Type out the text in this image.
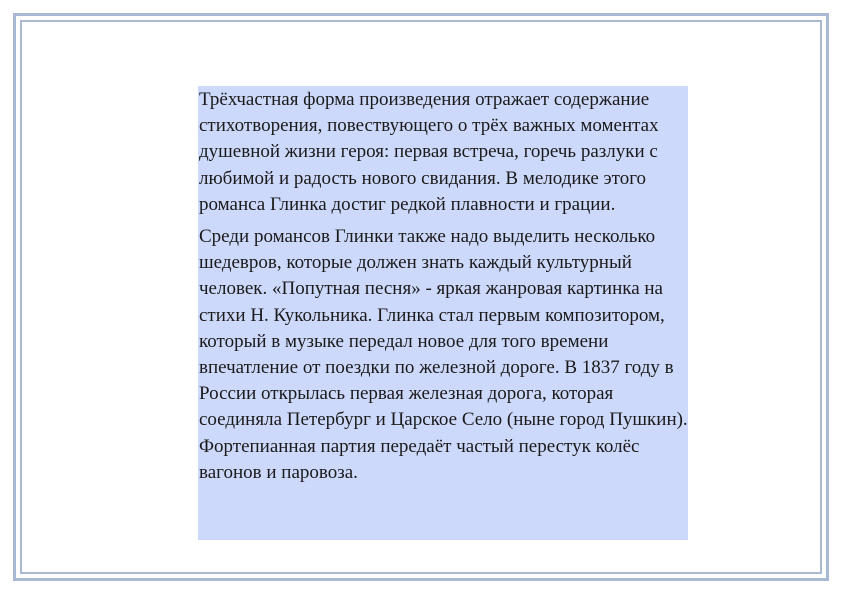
Трёхчастная форма произведения отражает содержание стихотворения, повествующего о трёх важных моментах душевной жизни героя: первая встреча, горечь разлуки с любимой и радость нового свидания. В мелодике этого романса Глинка достиг редкой плавности и грации.

Среди романсов Глинки также надо выделить несколько шедевров, которые должен знать каждый культурный человек. «Попутная песня» - яркая жанровая картинка на стихи Н. Кукольника. Глинка стал первым композитором, который в музыке передал новое для того времени впечатление от поездки по железной дороге. В 1837 году в России открылась первая железная дорога, которая соединяла Петербург и Царское Село (ныне город Пушкин). Фортепианная партия передаёт частый перестук колёс вагонов и паровоза.
